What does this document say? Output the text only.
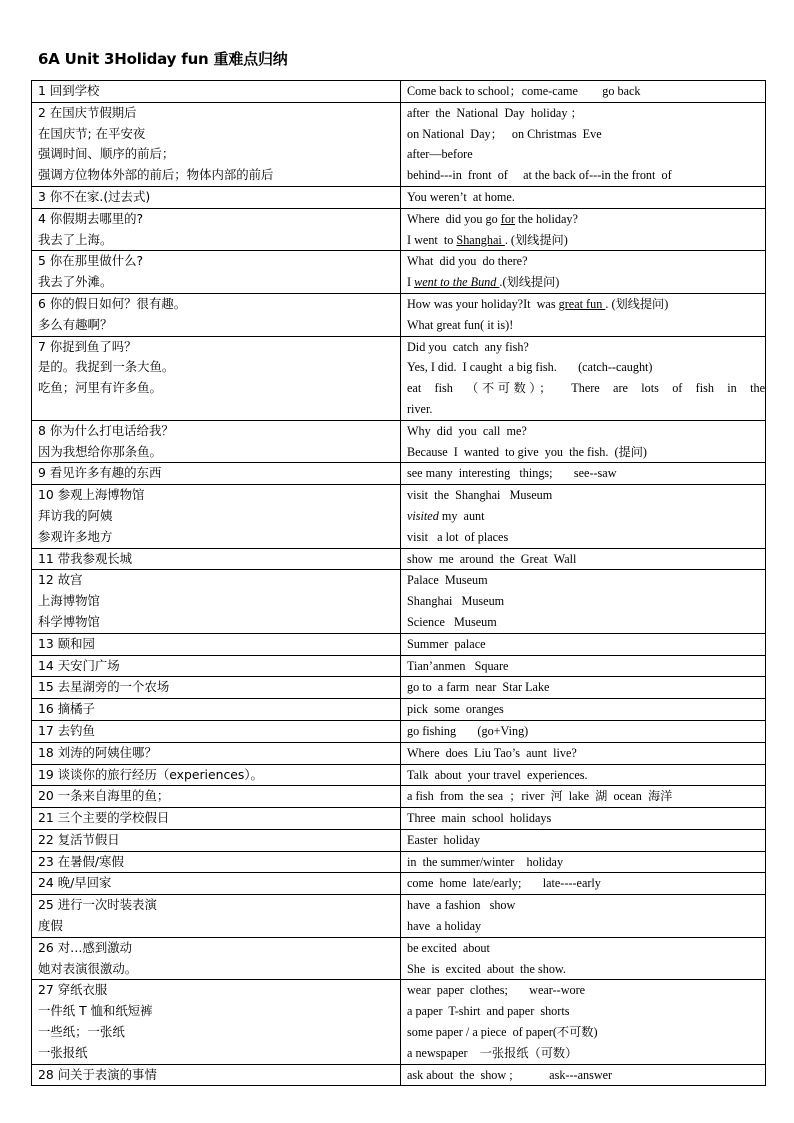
6A Unit 3Holiday fun 重难点归纳
1 回到学校	Come back to school；come-came        go back

2 在国庆节假期后
在国庆节; 在平安夜
强调时间、顺序的前后；
强调方位物体外部的前后；物体内部的前后	after  the  National  Day  holiday ；
on National  Day；   on Christmas  Eve
after—before
behind---in  front  of     at the back of---in the front  of

3 你不在家.(过去式)	You weren’t  at home.

4 你假期去哪里的?
我去了上海。	Where  did you go for the holiday?
I went  to Shanghai . (划线提问)

5 你在那里做什么?
我去了外滩。	What  did you  do there?
I went to the Bund .(划线提问)

6 你的假日如何？很有趣。
多么有趣啊？	How was your holiday?It  was great fun . (划线提问)
What great fun( it is)!

7 你捉到鱼了吗？
是的。我捉到一条大鱼。
吃鱼；河里有许多鱼。	Did you  catch  any fish?
Yes, I did.  I caught  a big fish.       (catch--caught)
eat  fish  （不可数）；   There  are  lots  of  fish  in  the
river.

8 你为什么打电话给我？
因为我想给你那条鱼。	Why  did  you  call  me?
Because  I  wanted  to give  you  the fish.  (提问)

9 看见许多有趣的东西	see many  interesting   things;       see--saw

10 参观上海博物馆
拜访我的阿姨
参观许多地方	visit  the  Shanghai   Museum
visited my  aunt
visit   a lot  of places

11 带我参观长城	show  me  around  the  Great  Wall

12 故宫
上海博物馆
科学博物馆	Palace  Museum
Shanghai   Museum
Science   Museum

13 颐和园	Summer  palace

14 天安门广场	Tian’anmen   Square

15 去星湖旁的一个农场	go to  a farm  near  Star Lake

16 摘橘子	pick  some  oranges

17 去钓鱼	go fishing       (go+Ving)

18 刘涛的阿姨住哪？	Where  does  Liu Tao’s  aunt  live?

19 谈谈你的旅行经历（experiences）。	Talk  about  your travel  experiences.

20 一条来自海里的鱼；	a fish  from  the sea  ；river  河  lake  湖  ocean  海洋

21 三个主要的学校假日	Three  main  school  holidays

22 复活节假日	Easter  holiday

23 在暑假/寒假	in  the summer/winter    holiday

24 晚/早回家	come  home  late/early;       late----early

25 进行一次时装表演
度假	have  a fashion   show
have  a holiday

26 对…感到激动
她对表演很激动。	be excited  about
She  is  excited  about  the show.

27 穿纸衣服
一件纸 T 恤和纸短裤
一些纸；一张纸
一张报纸	wear  paper  clothes;       wear--wore
a paper  T-shirt  and paper  shorts
some paper / a piece  of paper(不可数)
a newspaper    一张报纸（可数）

28 问关于表演的事情	ask about  the  show ;            ask---answer
